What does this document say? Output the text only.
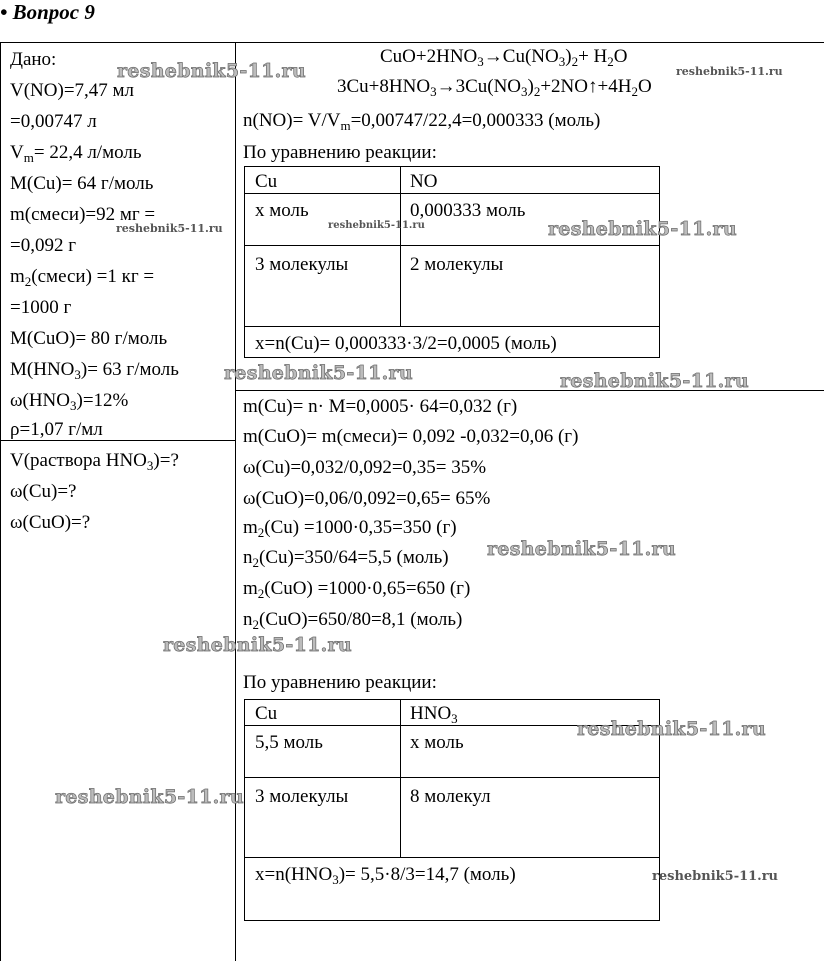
• Вопрос 9
Дано:
V(NO)=7,47 мл
=0,00747 л
$V_m= 22,4$ л/моль
M(Cu)= 64 г/моль
m(смеси)=92 мг =
=0,092 г
$m_2(смеси) =1$ кг =
=1000 г
M(CuO)= 80 г/моль
$M(HNO_3)= 63$ г/моль
$\omega(HNO_3)=12\%$
ρ=1,07 г/мл
V(раствора $HNO_3)=$?
ω(Cu)=?
ω(CuO)=?
$CuO+2HNO_3\to Cu(NO_3)_2+ H_2O$
$3Cu+8HNO_3\to 3Cu(NO_3)_2+2NO↑+4H_2O$
$n(NO)= V/V_m=0,00747/22,4=0,000333$ (моль)
По уравнению реакции:
Cu	NO
x моль	0,000333 моль
3 молекулы	2 молекулы
x=n(Cu)= 0,000333·3/2=0,0005 (моль)
m(Cu)= n· M=0,0005· 64=0,032 (г)
m(CuO)= m(смеси)= 0,092 -0,032=0,06 (г)
ω(Cu)=0,032/0,092=0,35= 35%
ω(CuO)=0,06/0,092=0,65= 65%
$m_2(Cu) =1000\cdot 0,35=350$ (г)
$n_2(Cu)=350/64=5,5$ (моль)
$m_2(CuO) =1000\cdot 0,65=650$ (г)
$n_2(CuO)=650/80=8,1$ (моль)
По уравнению реакции:
Cu	$HNO_3$
5,5 моль	x моль
3 молекулы	8 молекул
$x=n(HNO_3)= 5,5\cdot 8/3=14,7$ (моль)
reshebnik5-11.ru	reshebnik5-11.ru
reshebnik5-11.ru	reshebnik5-11.ru	reshebnik5-11.ru
reshebnik5-11.ru	reshebnik5-11.ru
reshebnik5-11.ru
reshebnik5-11.ru
reshebnik5-11.ru
reshebnik5-11.ru
reshebnik5-11.ru
